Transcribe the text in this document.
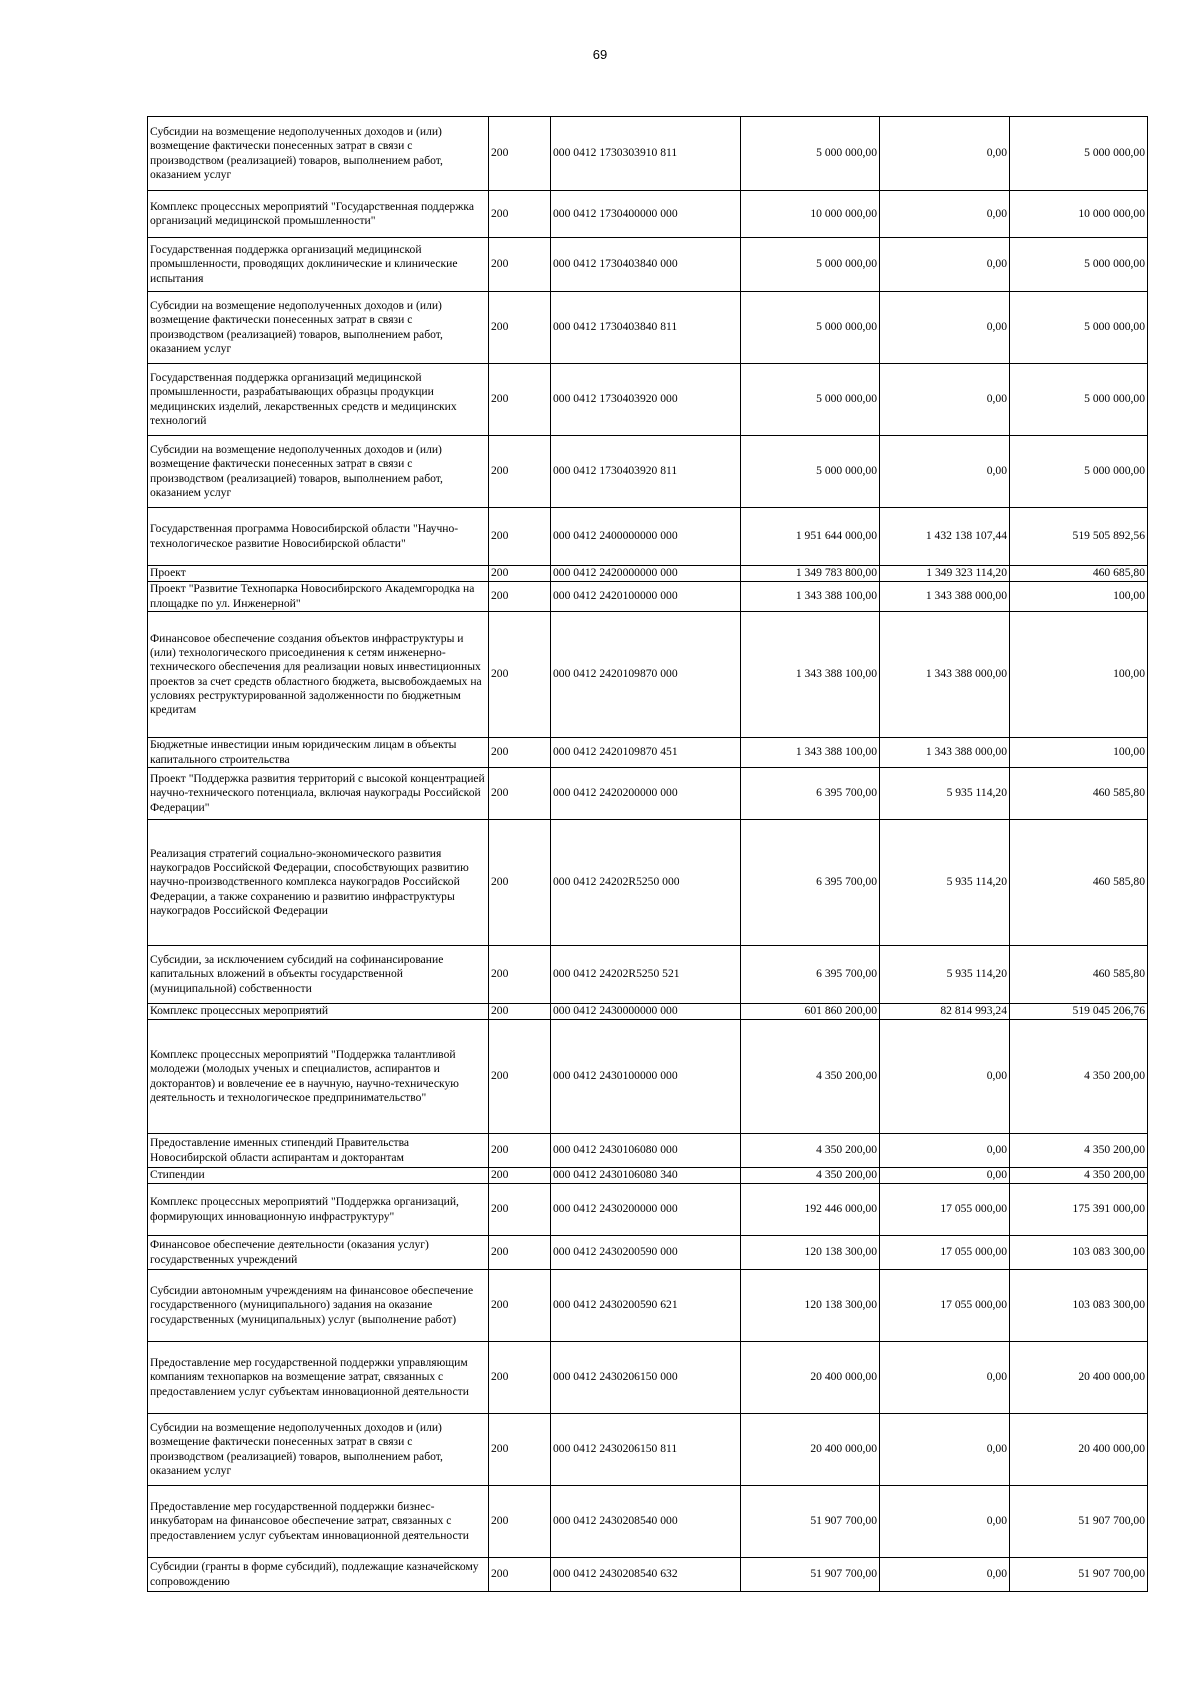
69
Субсидии на возмещение недополученных доходов и (или) возмещение фактически понесенных затрат в связи с производством (реализацией) товаров, выполнением работ, оказанием услуг	200	000 0412 1730303910 811	5 000 000,00	0,00	5 000 000,00
Комплекс процессных мероприятий "Государственная поддержка организаций медицинской промышленности"	200	000 0412 1730400000 000	10 000 000,00	0,00	10 000 000,00
Государственная поддержка организаций медицинской промышленности, проводящих доклинические и клинические испытания	200	000 0412 1730403840 000	5 000 000,00	0,00	5 000 000,00
Субсидии на возмещение недополученных доходов и (или) возмещение фактически понесенных затрат в связи с производством (реализацией) товаров, выполнением работ, оказанием услуг	200	000 0412 1730403840 811	5 000 000,00	0,00	5 000 000,00
Государственная поддержка организаций медицинской промышленности, разрабатывающих образцы продукции медицинских изделий, лекарственных средств и медицинских технологий	200	000 0412 1730403920 000	5 000 000,00	0,00	5 000 000,00
Субсидии на возмещение недополученных доходов и (или) возмещение фактически понесенных затрат в связи с производством (реализацией) товаров, выполнением работ, оказанием услуг	200	000 0412 1730403920 811	5 000 000,00	0,00	5 000 000,00
Государственная программа Новосибирской области "Научно-технологическое развитие Новосибирской области"	200	000 0412 2400000000 000	1 951 644 000,00	1 432 138 107,44	519 505 892,56
Проект	200	000 0412 2420000000 000	1 349 783 800,00	1 349 323 114,20	460 685,80
Проект "Развитие Технопарка Новосибирского Академгородка на площадке по ул. Инженерной"	200	000 0412 2420100000 000	1 343 388 100,00	1 343 388 000,00	100,00
Финансовое обеспечение создания объектов инфраструктуры и (или) технологического присоединения к сетям инженерно-технического обеспечения для реализации новых инвестиционных проектов за счет средств областного бюджета, высвобождаемых на условиях реструктурированной задолженности по бюджетным кредитам	200	000 0412 2420109870 000	1 343 388 100,00	1 343 388 000,00	100,00
Бюджетные инвестиции иным юридическим лицам в объекты капитального строительства	200	000 0412 2420109870 451	1 343 388 100,00	1 343 388 000,00	100,00
Проект "Поддержка развития территорий с высокой концентрацией научно-технического потенциала, включая наукограды Российской Федерации"	200	000 0412 2420200000 000	6 395 700,00	5 935 114,20	460 585,80
Реализация стратегий социально-экономического развития наукоградов Российской Федерации, способствующих развитию научно-производственного комплекса наукоградов Российской Федерации, а также сохранению и развитию инфраструктуры наукоградов Российской Федерации	200	000 0412 24202R5250 000	6 395 700,00	5 935 114,20	460 585,80
Субсидии, за исключением субсидий на софинансирование капитальных вложений в объекты государственной (муниципальной) собственности	200	000 0412 24202R5250 521	6 395 700,00	5 935 114,20	460 585,80
Комплекс процессных мероприятий	200	000 0412 2430000000 000	601 860 200,00	82 814 993,24	519 045 206,76
Комплекс процессных мероприятий "Поддержка талантливой молодежи (молодых ученых и специалистов, аспирантов и докторантов) и вовлечение ее в научную, научно-техническую деятельность и технологическое предпринимательство"	200	000 0412 2430100000 000	4 350 200,00	0,00	4 350 200,00
Предоставление именных стипендий Правительства Новосибирской области аспирантам и докторантам	200	000 0412 2430106080 000	4 350 200,00	0,00	4 350 200,00
Стипендии	200	000 0412 2430106080 340	4 350 200,00	0,00	4 350 200,00
Комплекс процессных мероприятий "Поддержка организаций, формирующих инновационную инфраструктуру"	200	000 0412 2430200000 000	192 446 000,00	17 055 000,00	175 391 000,00
Финансовое обеспечение деятельности (оказания услуг) государственных учреждений	200	000 0412 2430200590 000	120 138 300,00	17 055 000,00	103 083 300,00
Субсидии автономным учреждениям на финансовое обеспечение государственного (муниципального) задания на оказание государственных (муниципальных) услуг (выполнение работ)	200	000 0412 2430200590 621	120 138 300,00	17 055 000,00	103 083 300,00
Предоставление мер государственной поддержки управляющим компаниям технопарков на возмещение затрат, связанных с предоставлением услуг субъектам инновационной деятельности	200	000 0412 2430206150 000	20 400 000,00	0,00	20 400 000,00
Субсидии на возмещение недополученных доходов и (или) возмещение фактически понесенных затрат в связи с производством (реализацией) товаров, выполнением работ, оказанием услуг	200	000 0412 2430206150 811	20 400 000,00	0,00	20 400 000,00
Предоставление мер государственной поддержки бизнес-инкубаторам на финансовое обеспечение затрат, связанных с предоставлением услуг субъектам инновационной деятельности	200	000 0412 2430208540 000	51 907 700,00	0,00	51 907 700,00
Субсидии (гранты в форме субсидий), подлежащие казначейскому сопровождению	200	000 0412 2430208540 632	51 907 700,00	0,00	51 907 700,00
